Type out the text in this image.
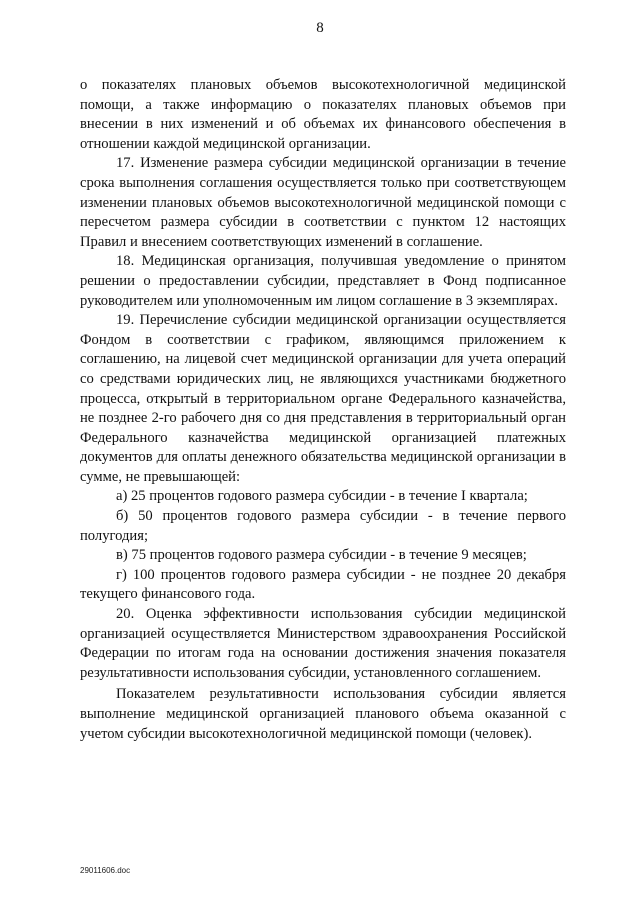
8

о показателях плановых объемов высокотехнологичной медицинской помощи, а также информацию о показателях плановых объемов при внесении в них изменений и об объемах их финансового обеспечения в отношении каждой медицинской организации.

17. Изменение размера субсидии медицинской организации в течение срока выполнения соглашения осуществляется только при соответствующем изменении плановых объемов высокотехнологичной медицинской помощи с пересчетом размера субсидии в соответствии с пунктом 12 настоящих Правил и внесением соответствующих изменений в соглашение.

18. Медицинская организация, получившая уведомление о принятом решении о предоставлении субсидии, представляет в Фонд подписанное руководителем или уполномоченным им лицом соглашение в 3 экземплярах.

19. Перечисление субсидии медицинской организации осуществляется Фондом в соответствии с графиком, являющимся приложением к соглашению, на лицевой счет медицинской организации для учета операций со средствами юридических лиц, не являющихся участниками бюджетного процесса, открытый в территориальном органе Федерального казначейства, не позднее 2-го рабочего дня со дня представления в территориальный орган Федерального казначейства медицинской организацией платежных документов для оплаты денежного обязательства медицинской организации в сумме, не превышающей:

а) 25 процентов годового размера субсидии - в течение I квартала;

б) 50 процентов годового размера субсидии - в течение первого полугодия;

в) 75 процентов годового размера субсидии - в течение 9 месяцев;

г) 100 процентов годового размера субсидии - не позднее 20 декабря текущего финансового года.

20. Оценка эффективности использования субсидии медицинской организацией осуществляется Министерством здравоохранения Российской Федерации по итогам года на основании достижения значения показателя результативности использования субсидии, установленного соглашением.

Показателем результативности использования субсидии является выполнение медицинской организацией планового объема оказанной с учетом субсидии высокотехнологичной медицинской помощи (человек).

29011606.doc
